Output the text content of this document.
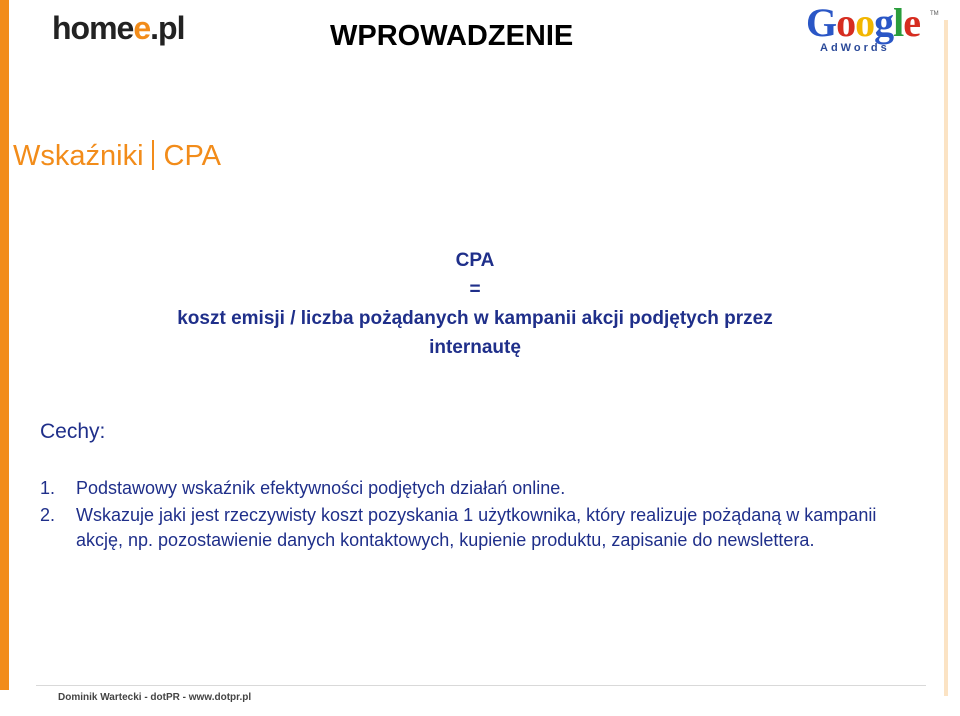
homee.pl	WPROWADZENIE	Google
AdWords
TM
Wskaźniki CPA
CPA
=
koszt emisji / liczba pożądanych w kampanii akcji podjętych przez
internautę
Cechy:
1. Podstawowy wskaźnik efektywności podjętych działań online.
2. Wskazuje jaki jest rzeczywisty koszt pozyskania 1 użytkownika, który realizuje pożądaną w kampanii akcję, np. pozostawienie danych kontaktowych, kupienie produktu, zapisanie do newslettera.
Dominik Wartecki - dotPR - www.dotpr.pl
